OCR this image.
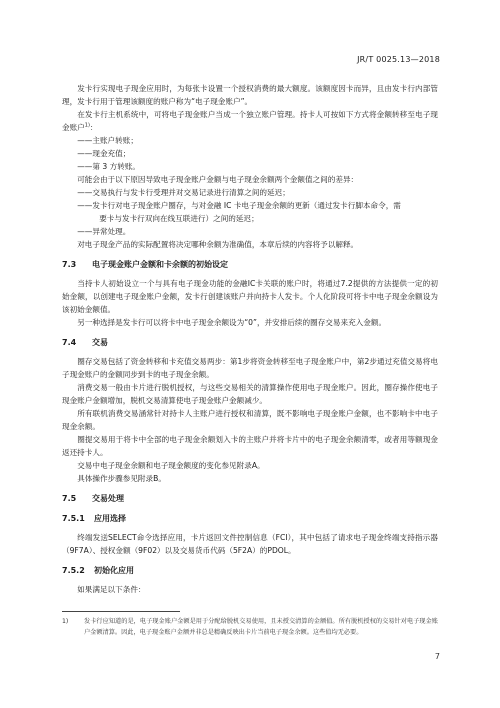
JR/T 0025.13—2018

发卡行实现电子现金应用时，为每张卡设置一个授权消费的最大额度。该额度因卡而异，且由发卡行内部管理，发卡行用于管理该额度的账户称为“电子现金账户”。

在发卡行主机系统中，可将电子现金账户当成一个独立账户管理。持卡人可按如下方式将金额转移至电子现金账户$^{1)}$：

——主账户转账；

——现金充值；

——第 3 方转账。

可能会由于以下原因导致电子现金账户金额与电子现金余额两个金额值之间的差异：

——交易执行与发卡行受理并对交易记录进行清算之间的延迟；

——发卡行对电子现金账户圈存，与对金融 IC 卡电子现金余额的更新（通过发卡行脚本命令，需
要卡与发卡行双向在线互联进行）之间的延迟；

——异常处理。

对电子现金产品的实际配置将决定哪种余额为准确值，本章后续的内容将予以解释。

7.3 电子现金账户金额和卡余额的初始设定

当持卡人初始设立一个与具有电子现金功能的金融IC卡关联的账户时，将通过7.2提供的方法提供一定的初始金额，以创建电子现金账户金额，发卡行创建该账户并向持卡人发卡。个人化阶段可将卡中电子现金余额设为该初始金额值。

另一种选择是发卡行可以将卡中电子现金余额设为“0”，并安排后续的圈存交易来充入金额。

7.4 交易

圈存交易包括了资金转移和卡充值交易两步：第1步将资金转移至电子现金账户中，第2步通过充值交易将电子现金账户的金额同步到卡的电子现金余额。

消费交易一般由卡片进行脱机授权，与这些交易相关的清算操作使用电子现金账户。因此，圈存操作使电子现金账户金额增加，脱机交易清算使电子现金账户金额减少。

所有联机消费交易涵常针对持卡人主账户进行授权和清算，既不影响电子现金账户金额，也不影响卡中电子现金余额。

圈提交易用于将卡中全部的电子现金余额划入卡的主账户并将卡片中的电子现金余额清零，或者用等额现金返还持卡人。

交易中电子现金余额和电子现金额度的变化参见附录A。

具体操作步骤参见附录B。

7.5 交易处理
7.5.1 应用选择

终端发送SELECT命令选择应用，卡片返回文件控制信息（FCI），其中包括了请求电子现金终端支持指示器（9F7A）、授权金额（9F02）以及交易货币代码（5F2A）的PDOL。

7.5.2 初始化应用

如果满足以下条件：

1)	发卡行应知道的是，电子现金账户金额是用于分配给脱机交易使用，且未授交清算的金额值。所有脱机授权的交易针对电子现金账户金额清算。因此，电子现金账户金额并非总是精确反映出卡片当前电子现金余额。这些值均无必要。
7
